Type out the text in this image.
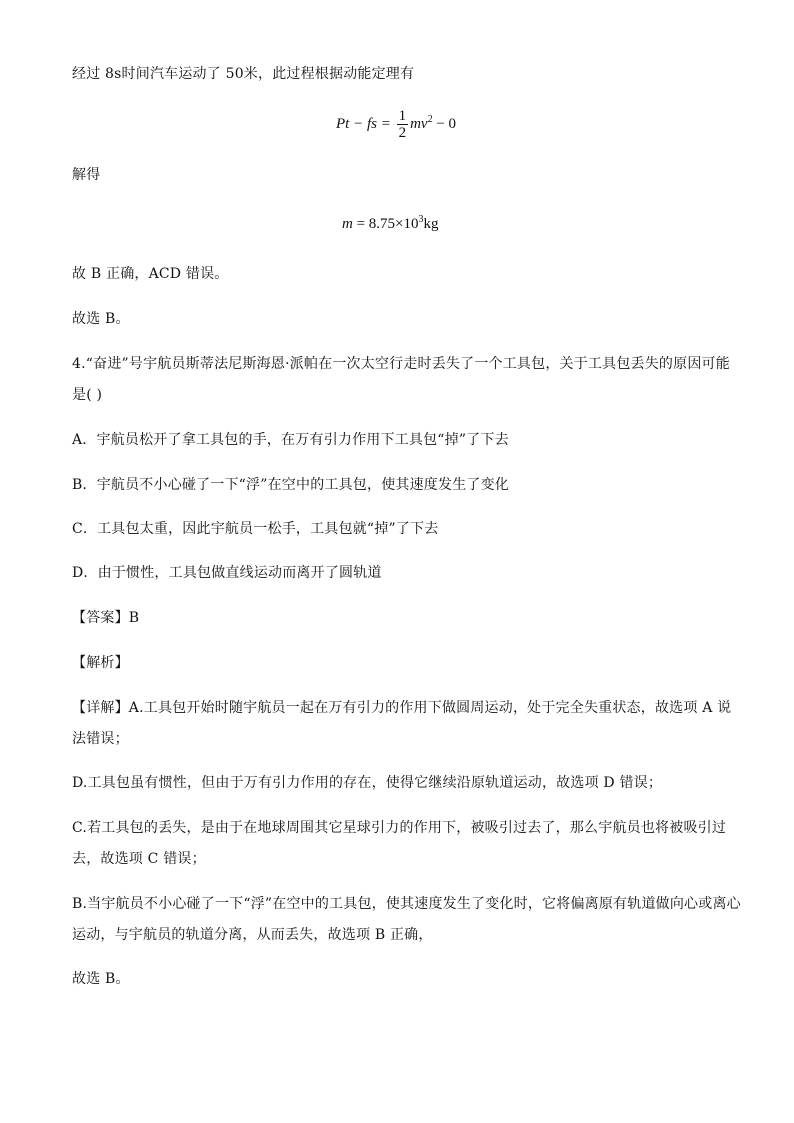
经过 8s时间汽车运动了 50米，此过程根据动能定理有
Pt − fs = $\frac{1}{2} mv^2 - 0$
解得
$m = 8.75\times 10^3kg$
故 B 正确，ACD 错误。
故选 B。
4.“奋进”号宇航员斯蒂法尼斯海恩·派帕在一次太空行走时丢失了一个工具包，关于工具包丢失的原因可能
是( )
A．宇航员松开了拿工具包的手，在万有引力作用下工具包“掉”了下去
B．宇航员不小心碰了一下“浮”在空中的工具包，使其速度发生了变化
C．工具包太重，因此宇航员一松手，工具包就“掉”了下去
D．由于惯性，工具包做直线运动而离开了圆轨道
【答案】B
【解析】
【详解】A.工具包开始时随宇航员一起在万有引力的作用下做圆周运动，处于完全失重状态，故选项 A 说
法错误；
D.工具包虽有惯性，但由于万有引力作用的存在，使得它继续沿原轨道运动，故选项 D 错误；
C.若工具包的丢失，是由于在地球周围其它星球引力的作用下，被吸引过去了，那么宇航员也将被吸引过
去，故选项 C 错误；
B.当宇航员不小心碰了一下“浮”在空中的工具包，使其速度发生了变化时，它将偏离原有轨道做向心或离心
运动，与宇航员的轨道分离，从而丢失，故选项 B 正确，
故选 B。
